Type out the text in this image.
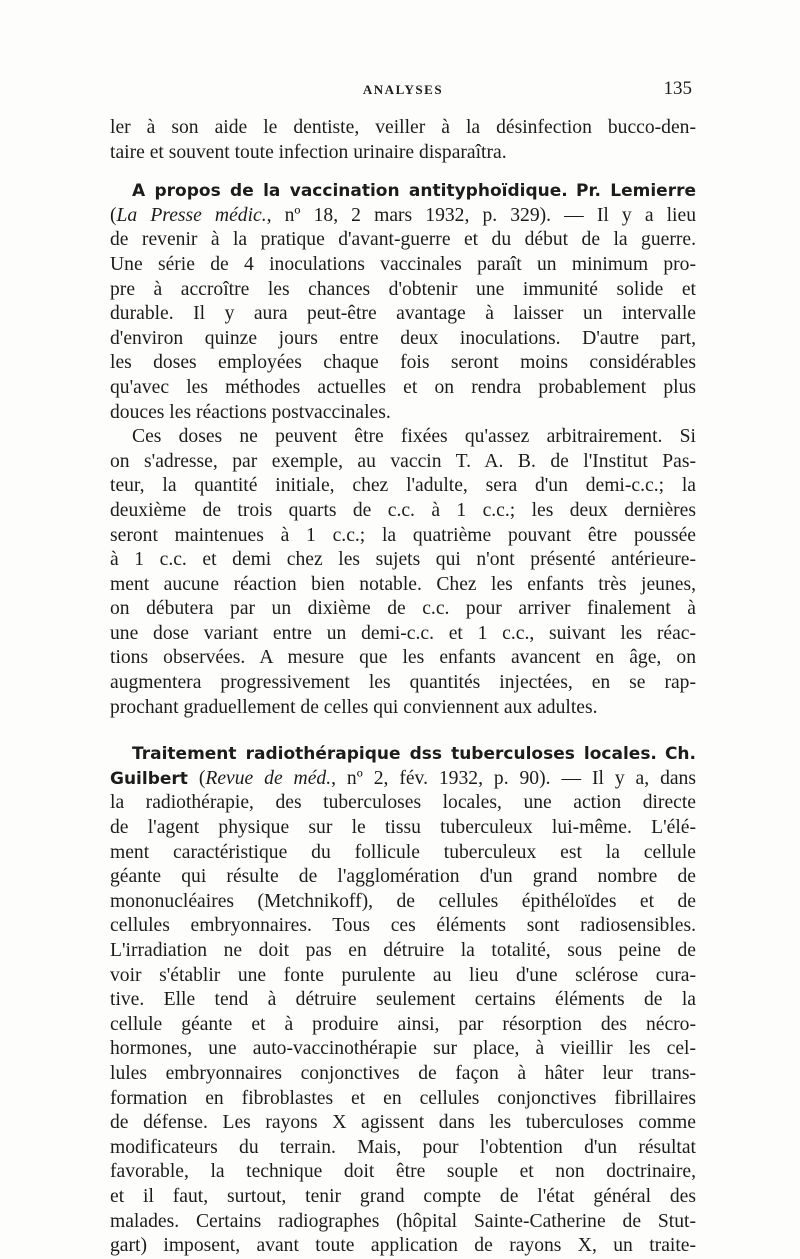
ANALYSES	135
ler à son aide le dentiste, veiller à la désinfection bucco-den-
taire et souvent toute infection urinaire disparaîtra.
A propos de la vaccination antityphoïdique. Pr. Lemierre
(La Presse médic., nº 18, 2 mars 1932, p. 329). — Il y a lieu
de revenir à la pratique d'avant-guerre et du début de la guerre.
Une série de 4 inoculations vaccinales paraît un minimum pro-
pre à accroître les chances d'obtenir une immunité solide et
durable. Il y aura peut-être avantage à laisser un intervalle
d'environ quinze jours entre deux inoculations. D'autre part,
les doses employées chaque fois seront moins considérables
qu'avec les méthodes actuelles et on rendra probablement plus
douces les réactions postvaccinales.
Ces doses ne peuvent être fixées qu'assez arbitrairement. Si
on s'adresse, par exemple, au vaccin T. A. B. de l'Institut Pas-
teur, la quantité initiale, chez l'adulte, sera d'un demi-c.c.; la
deuxième de trois quarts de c.c. à 1 c.c.; les deux dernières
seront maintenues à 1 c.c.; la quatrième pouvant être poussée
à 1 c.c. et demi chez les sujets qui n'ont présenté antérieure-
ment aucune réaction bien notable. Chez les enfants très jeunes,
on débutera par un dixième de c.c. pour arriver finalement à
une dose variant entre un demi-c.c. et 1 c.c., suivant les réac-
tions observées. A mesure que les enfants avancent en âge, on
augmentera progressivement les quantités injectées, en se rap-
prochant graduellement de celles qui conviennent aux adultes.
Traitement radiothérapique dss tuberculoses locales. Ch.
Guilbert (Revue de méd., nº 2, fév. 1932, p. 90). — Il y a, dans
la radiothérapie, des tuberculoses locales, une action directe
de l'agent physique sur le tissu tuberculeux lui-même. L'élé-
ment caractéristique du follicule tuberculeux est la cellule
géante qui résulte de l'agglomération d'un grand nombre de
mononucléaires (Metchnikoff), de cellules épithéloïdes et de
cellules embryonnaires. Tous ces éléments sont radiosensibles.
L'irradiation ne doit pas en détruire la totalité, sous peine de
voir s'établir une fonte purulente au lieu d'une sclérose cura-
tive. Elle tend à détruire seulement certains éléments de la
cellule géante et à produire ainsi, par résorption des nécro-
hormones, une auto-vaccinothérapie sur place, à vieillir les cel-
lules embryonnaires conjonctives de façon à hâter leur trans-
formation en fibroblastes et en cellules conjonctives fibrillaires
de défense. Les rayons X agissent dans les tuberculoses comme
modificateurs du terrain. Mais, pour l'obtention d'un résultat
favorable, la technique doit être souple et non doctrinaire,
et il faut, surtout, tenir grand compte de l'état général des
malades. Certains radiographes (hôpital Sainte-Catherine de Stut-
gart) imposent, avant toute application de rayons X, un traite-
